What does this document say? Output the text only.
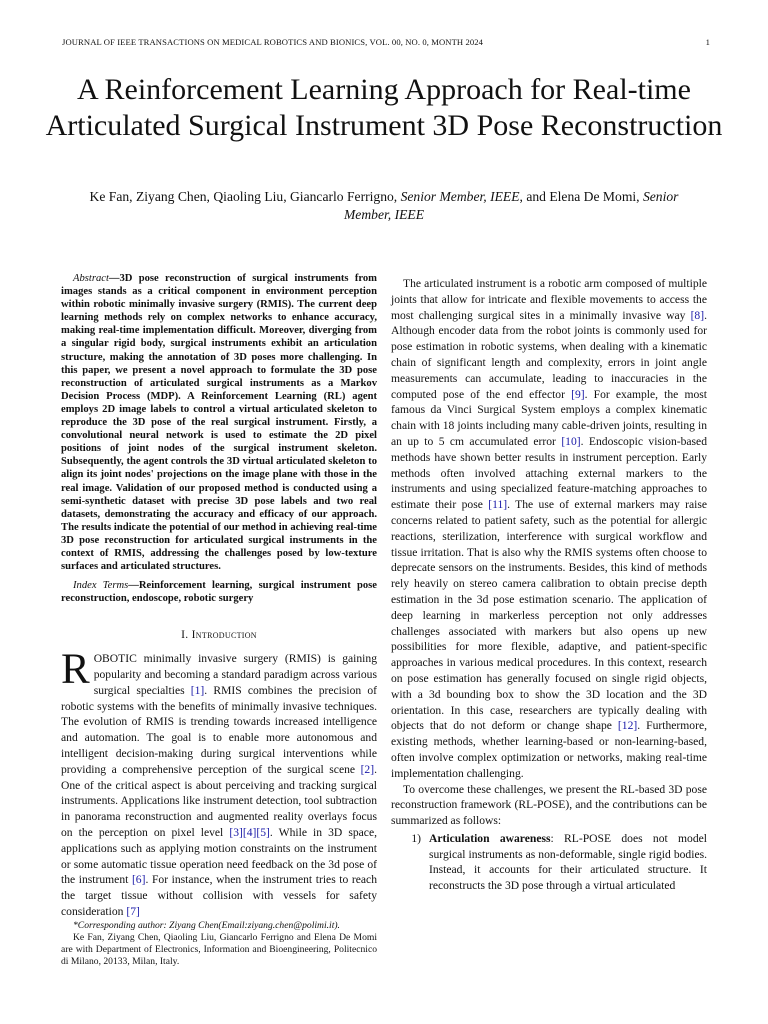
JOURNAL OF IEEE TRANSACTIONS ON MEDICAL ROBOTICS AND BIONICS, VOL. 00, NO. 0, MONTH 2024	1
A Reinforcement Learning Approach for Real-time Articulated Surgical Instrument 3D Pose Reconstruction
Ke Fan, Ziyang Chen, Qiaoling Liu, Giancarlo Ferrigno, Senior Member, IEEE, and Elena De Momi, Senior Member, IEEE

Abstract—3D pose reconstruction of surgical instruments from images stands as a critical component in environment perception within robotic minimally invasive surgery (RMIS). The current deep learning methods rely on complex networks to enhance accuracy, making real-time implementation difficult. Moreover, diverging from a singular rigid body, surgical instruments exhibit an articulation structure, making the annotation of 3D poses more challenging. In this paper, we present a novel approach to formulate the 3D pose reconstruction of articulated surgical instruments as a Markov Decision Process (MDP). A Reinforcement Learning (RL) agent employs 2D image labels to control a virtual articulated skeleton to reproduce the 3D pose of the real surgical instrument. Firstly, a convolutional neural network is used to estimate the 2D pixel positions of joint nodes of the surgical instrument skeleton. Subsequently, the agent controls the 3D virtual articulated skeleton to align its joint nodes' projections on the image plane with those in the real image. Validation of our proposed method is conducted using a semi-synthetic dataset with precise 3D pose labels and two real datasets, demonstrating the accuracy and efficacy of our approach. The results indicate the potential of our method in achieving real-time 3D pose reconstruction for articulated surgical instruments in the context of RMIS, addressing the challenges posed by low-texture surfaces and articulated structures.

Index Terms—Reinforcement learning, surgical instrument pose reconstruction, endoscope, robotic surgery

I. Introduction

ROBOTIC minimally invasive surgery (RMIS) is gaining popularity and becoming a standard paradigm across various surgical specialties [1]. RMIS combines the precision of robotic systems with the benefits of minimally invasive techniques. The evolution of RMIS is trending towards increased intelligence and automation. The goal is to enable more autonomous and intelligent decision-making during surgical interventions while providing a comprehensive perception of the surgical scene [2]. One of the critical aspect is about perceiving and tracking surgical instruments. Applications like instrument detection, tool subtraction in panorama reconstruction and augmented reality overlays focus on the perception on pixel level [3][4][5]. While in 3D space, applications such as applying motion constraints on the instrument or some automatic tissue operation need feedback on the 3d pose of the instrument [6]. For instance, when the instrument tries to reach the target tissue without collision with vessels for safety consideration [7]

The articulated instrument is a robotic arm composed of multiple joints that allow for intricate and flexible movements to access the most challenging surgical sites in a minimally invasive way [8]. Although encoder data from the robot joints is commonly used for pose estimation in robotic systems, when dealing with a kinematic chain of significant length and complexity, errors in joint angle measurements can accumulate, leading to inaccuracies in the computed pose of the end effector [9]. For example, the most famous da Vinci Surgical System employs a complex kinematic chain with 18 joints including many cable-driven joints, resulting in an up to 5 cm accumulated error [10]. Endoscopic vision-based methods have shown better results in instrument perception. Early methods often involved attaching external markers to the instruments and using specialized feature-matching approaches to estimate their pose [11]. The use of external markers may raise concerns related to patient safety, such as the potential for allergic reactions, sterilization, interference with surgical workflow and tissue irritation. That is also why the RMIS systems often choose to deprecate sensors on the instruments. Besides, this kind of methods rely heavily on stereo camera calibration to obtain precise depth estimation in the 3d pose estimation scenario. The application of deep learning in markerless perception not only addresses challenges associated with markers but also opens up new possibilities for more flexible, adaptive, and patient-specific approaches in various medical procedures. In this context, research on pose estimation has generally focused on single rigid objects, with a 3d bounding box to show the 3D location and the 3D orientation. In this case, researchers are typically dealing with objects that do not deform or change shape [12]. Furthermore, existing methods, whether learning-based or non-learning-based, often involve complex optimization or networks, making real-time implementation challenging.

To overcome these challenges, we present the RL-based 3D pose reconstruction framework (RL-POSE), and the contributions can be summarized as follows:

1) Articulation awareness: RL-POSE does not model surgical instruments as non-deformable, single rigid bodies. Instead, it accounts for their articulated structure. It reconstructs the 3D pose through a virtual articulated

*Corresponding author: Ziyang Chen(Email:ziyang.chen@polimi.it).

Ke Fan, Ziyang Chen, Qiaoling Liu, Giancarlo Ferrigno and Elena De Momi are with Department of Electronics, Information and Bioengineering, Politecnico di Milano, 20133, Milan, Italy.
